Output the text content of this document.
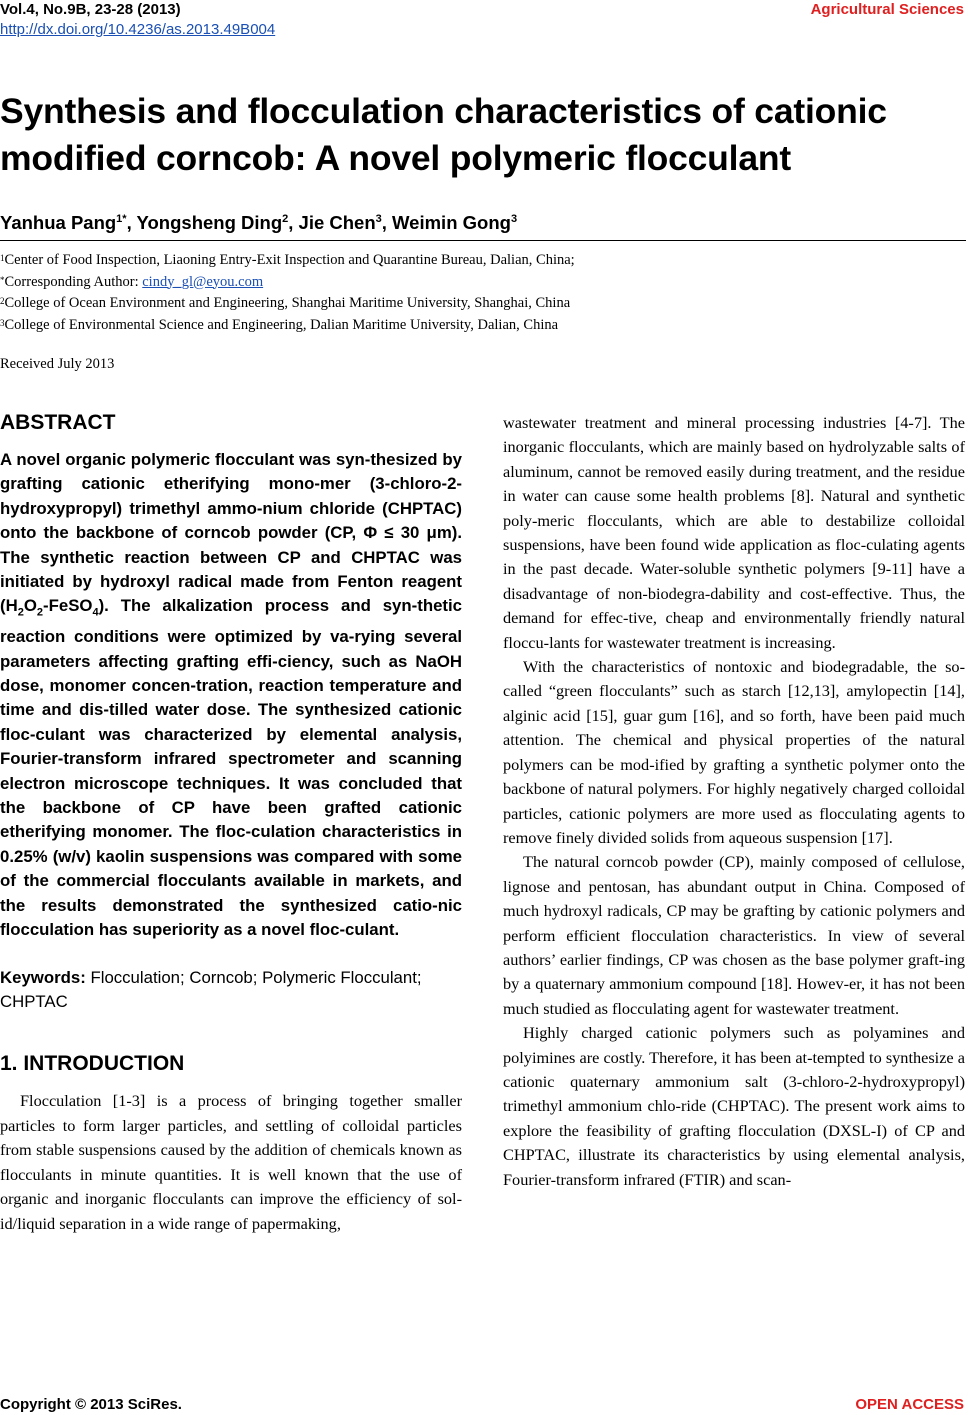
Vol.4, No.9B, 23-28 (2013)
http://dx.doi.org/10.4236/as.2013.49B004
Agricultural Sciences
Synthesis and flocculation characteristics of cationic
modified corncob: A novel polymeric flocculant
Yanhua Pang$^{1*}$, Yongsheng Ding$^2$, Jie Chen$^3$, Weimin Gong$^3$
$^1$Center of Food Inspection, Liaoning Entry-Exit Inspection and Quarantine Bureau, Dalian, China;
*Corresponding Author: cindy_gl@eyou.com
$^2$College of Ocean Environment and Engineering, Shanghai Maritime University, Shanghai, China
$^3$College of Environmental Science and Engineering, Dalian Maritime University, Dalian, China
Received July 2013
ABSTRACT
A novel organic polymeric flocculant was syn-thesized by grafting cationic etherifying mono-mer (3-chloro-2-hydroxypropyl) trimethyl ammo-nium chloride (CHPTAC) onto the backbone of corncob powder (CP, Φ ≤ 30 μm). The synthetic reaction between CP and CHPTAC was initiated by hydroxyl radical made from Fenton reagent $(H_2O_2-FeSO_4)$. The alkalization process and syn-thetic reaction conditions were optimized by va-rying several parameters affecting grafting effi-ciency, such as NaOH dose, monomer concen-tration, reaction temperature and time and dis-tilled water dose. The synthesized cationic floc-culant was characterized by elemental analysis, Fourier-transform infrared spectrometer and scanning electron microscope techniques. It was concluded that the backbone of CP have been grafted cationic etherifying monomer. The floc-culation characteristics in 0.25% (w/v) kaolin suspensions was compared with some of the commercial flocculants available in markets, and the results demonstrated the synthesized catio-nic flocculation has superiority as a novel floc-culant.
Keywords: Flocculation; Corncob; Polymeric Flocculant; CHPTAC
1. INTRODUCTION

Flocculation [1-3] is a process of bringing together smaller particles to form larger particles, and settling of colloidal particles from stable suspensions caused by the addition of chemicals known as flocculants in minute quantities. It is well known that the use of organic and inorganic flocculants can improve the efficiency of sol-id/liquid separation in a wide range of papermaking,

wastewater treatment and mineral processing industries [4-7]. The inorganic flocculants, which are mainly based on hydrolyzable salts of aluminum, cannot be removed easily during treatment, and the residue in water can cause some health problems [8]. Natural and synthetic poly-meric flocculants, which are able to destabilize colloidal suspensions, have been found wide application as floc-culating agents in the past decade. Water-soluble synthetic polymers [9-11] have a disadvantage of non-biodegra-dability and cost-effective. Thus, the demand for effec-tive, cheap and environmentally friendly natural floccu-lants for wastewater treatment is increasing.

With the characteristics of nontoxic and biodegradable, the so-called “green flocculants” such as starch [12,13], amylopectin [14], alginic acid [15], guar gum [16], and so forth, have been paid much attention. The chemical and physical properties of the natural polymers can be mod-ified by grafting a synthetic polymer onto the backbone of natural polymers. For highly negatively charged colloidal particles, cationic polymers are more used as flocculating agents to remove finely divided solids from aqueous suspension [17].

The natural corncob powder (CP), mainly composed of cellulose, lignose and pentosan, has abundant output in China. Composed of much hydroxyl radicals, CP may be grafting by cationic polymers and perform efficient flocculation characteristics. In view of several authors’ earlier findings, CP was chosen as the base polymer graft-ing by a quaternary ammonium compound [18]. Howev-er, it has not been much studied as flocculating agent for wastewater treatment.

Highly charged cationic polymers such as polyamines and polyimines are costly. Therefore, it has been at-tempted to synthesize a cationic quaternary ammonium salt (3-chloro-2-hydroxypropyl) trimethyl ammonium chlo-ride (CHPTAC). The present work aims to explore the feasibility of grafting flocculation (DXSL-I) of CP and CHPTAC, illustrate its characteristics by using elemental analysis, Fourier-transform infrared (FTIR) and scan-

Copyright © 2013 SciRes.	OPEN ACCESS
